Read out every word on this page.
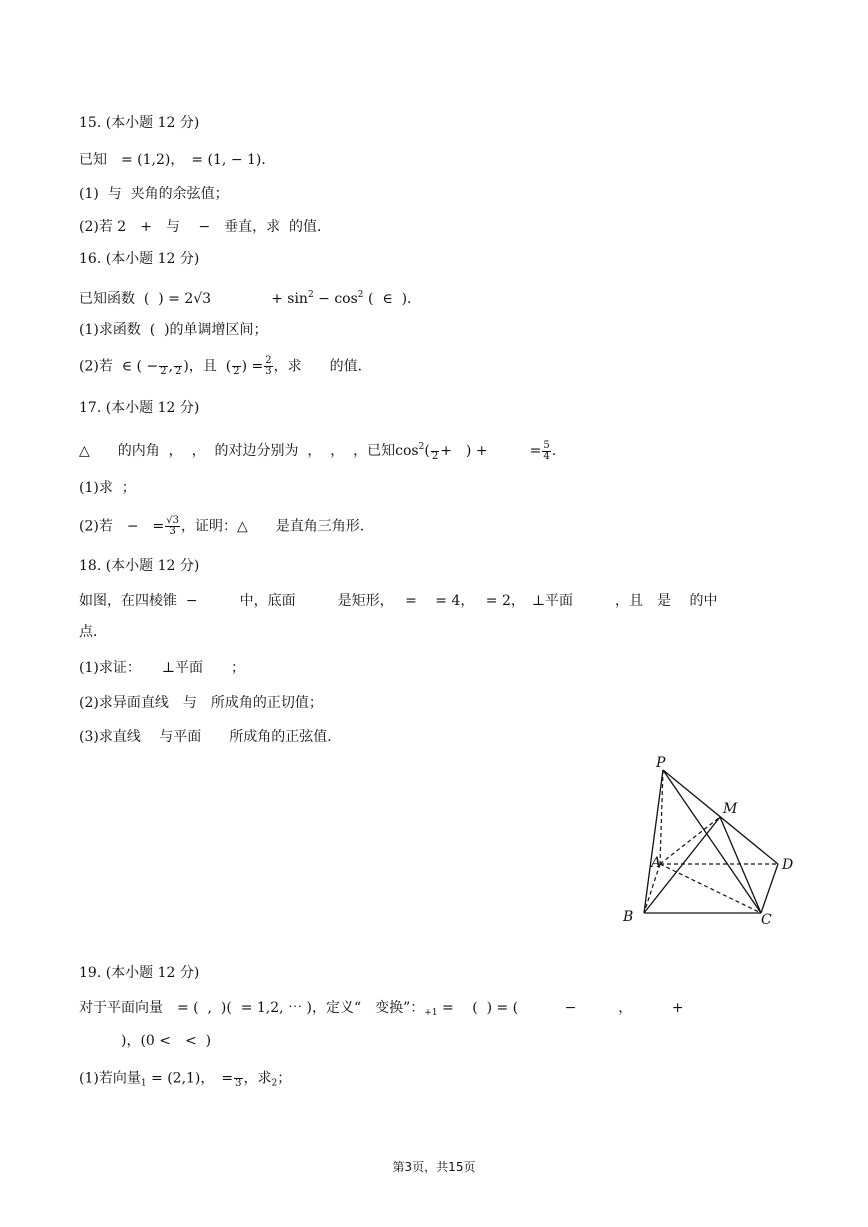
15. (本小题 12 分)
已知　= (1,2)，　= (1, − 1)．
(1)  与  夹角的余弦值；
(2)若 2　+　与　 −　垂直，求  的值．
16. (本小题 12 分)
已知函数  (  ) = 2√3	+ $\sin^2 - \cos^2$ (  ∈  )．
(1)求函数  (  )的单调增区间；
(2)若  ∈ ( −
2 ,
2 )，且  (
2 ) = $\frac{2}{3}$ ，求　　的值．
17. (本小题 12 分)
△　　的内角  ，  ，  的对边分别为  ，  ，  ，已知$\cos^2$(
2 +　) +　　　= $\frac{5}{4}$ .
(1)求  ；
(2)若　−　= $\frac{√3}{3}$ ，证明：△　　是直角三角形．
18. (本小题 12 分)
如图，在四棱锥  −　　　中，底面　　　是矩形，　 =　 = 4，　 = 2，　⊥平面　　　，且　是　 的中
点．
(1)求证：　　⊥平面　　；
(2)求异面直线　与　所成角的正切值；
(3)求直线　 与平面　　所成角的正弦值．
P
M
A	D
B	C
19. (本小题 12 分)
对于平面向量　= (  ,  )(  = 1,2, ⋯ )，定义“　变换”：$_{+1}$ =　 (  ) = (　　　 −　　　，　　　 +
　　　)，(0 <　<  )
(1)若向量$_1$ = (2,1)，　=
3 ，求$_2$；
第3页，共15页
